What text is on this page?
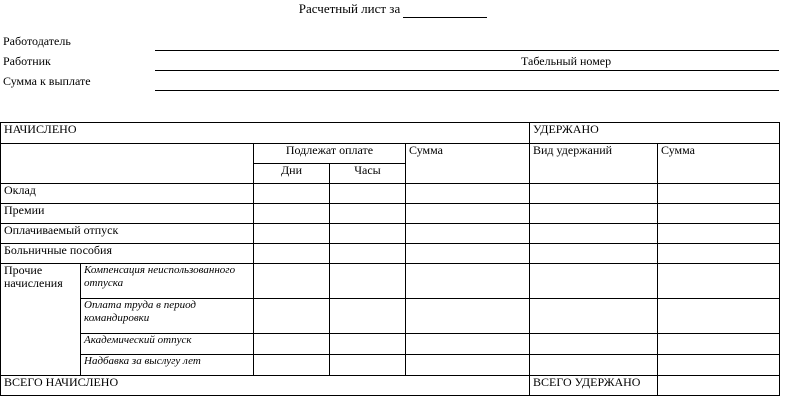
Расчетный лист за
Работодатель
Работник	Табельный номер
Сумма к выплате
НАЧИСЛЕНО					УДЕРЖАНО	
		Подлежат оплате		Сумма	Вид удержаний	Сумма
		Дни	Часы			
Оклад						
Премии						
Оплачиваемый отпуск						
Больничные пособия						
Прочие начисления	Компенсация неиспользованного отпуска					
	Оплата труда в период командировки					
	Академический отпуск					
	Надбавка за выслугу лет					
ВСЕГО НАЧИСЛЕНО					ВСЕГО УДЕРЖАНО	
